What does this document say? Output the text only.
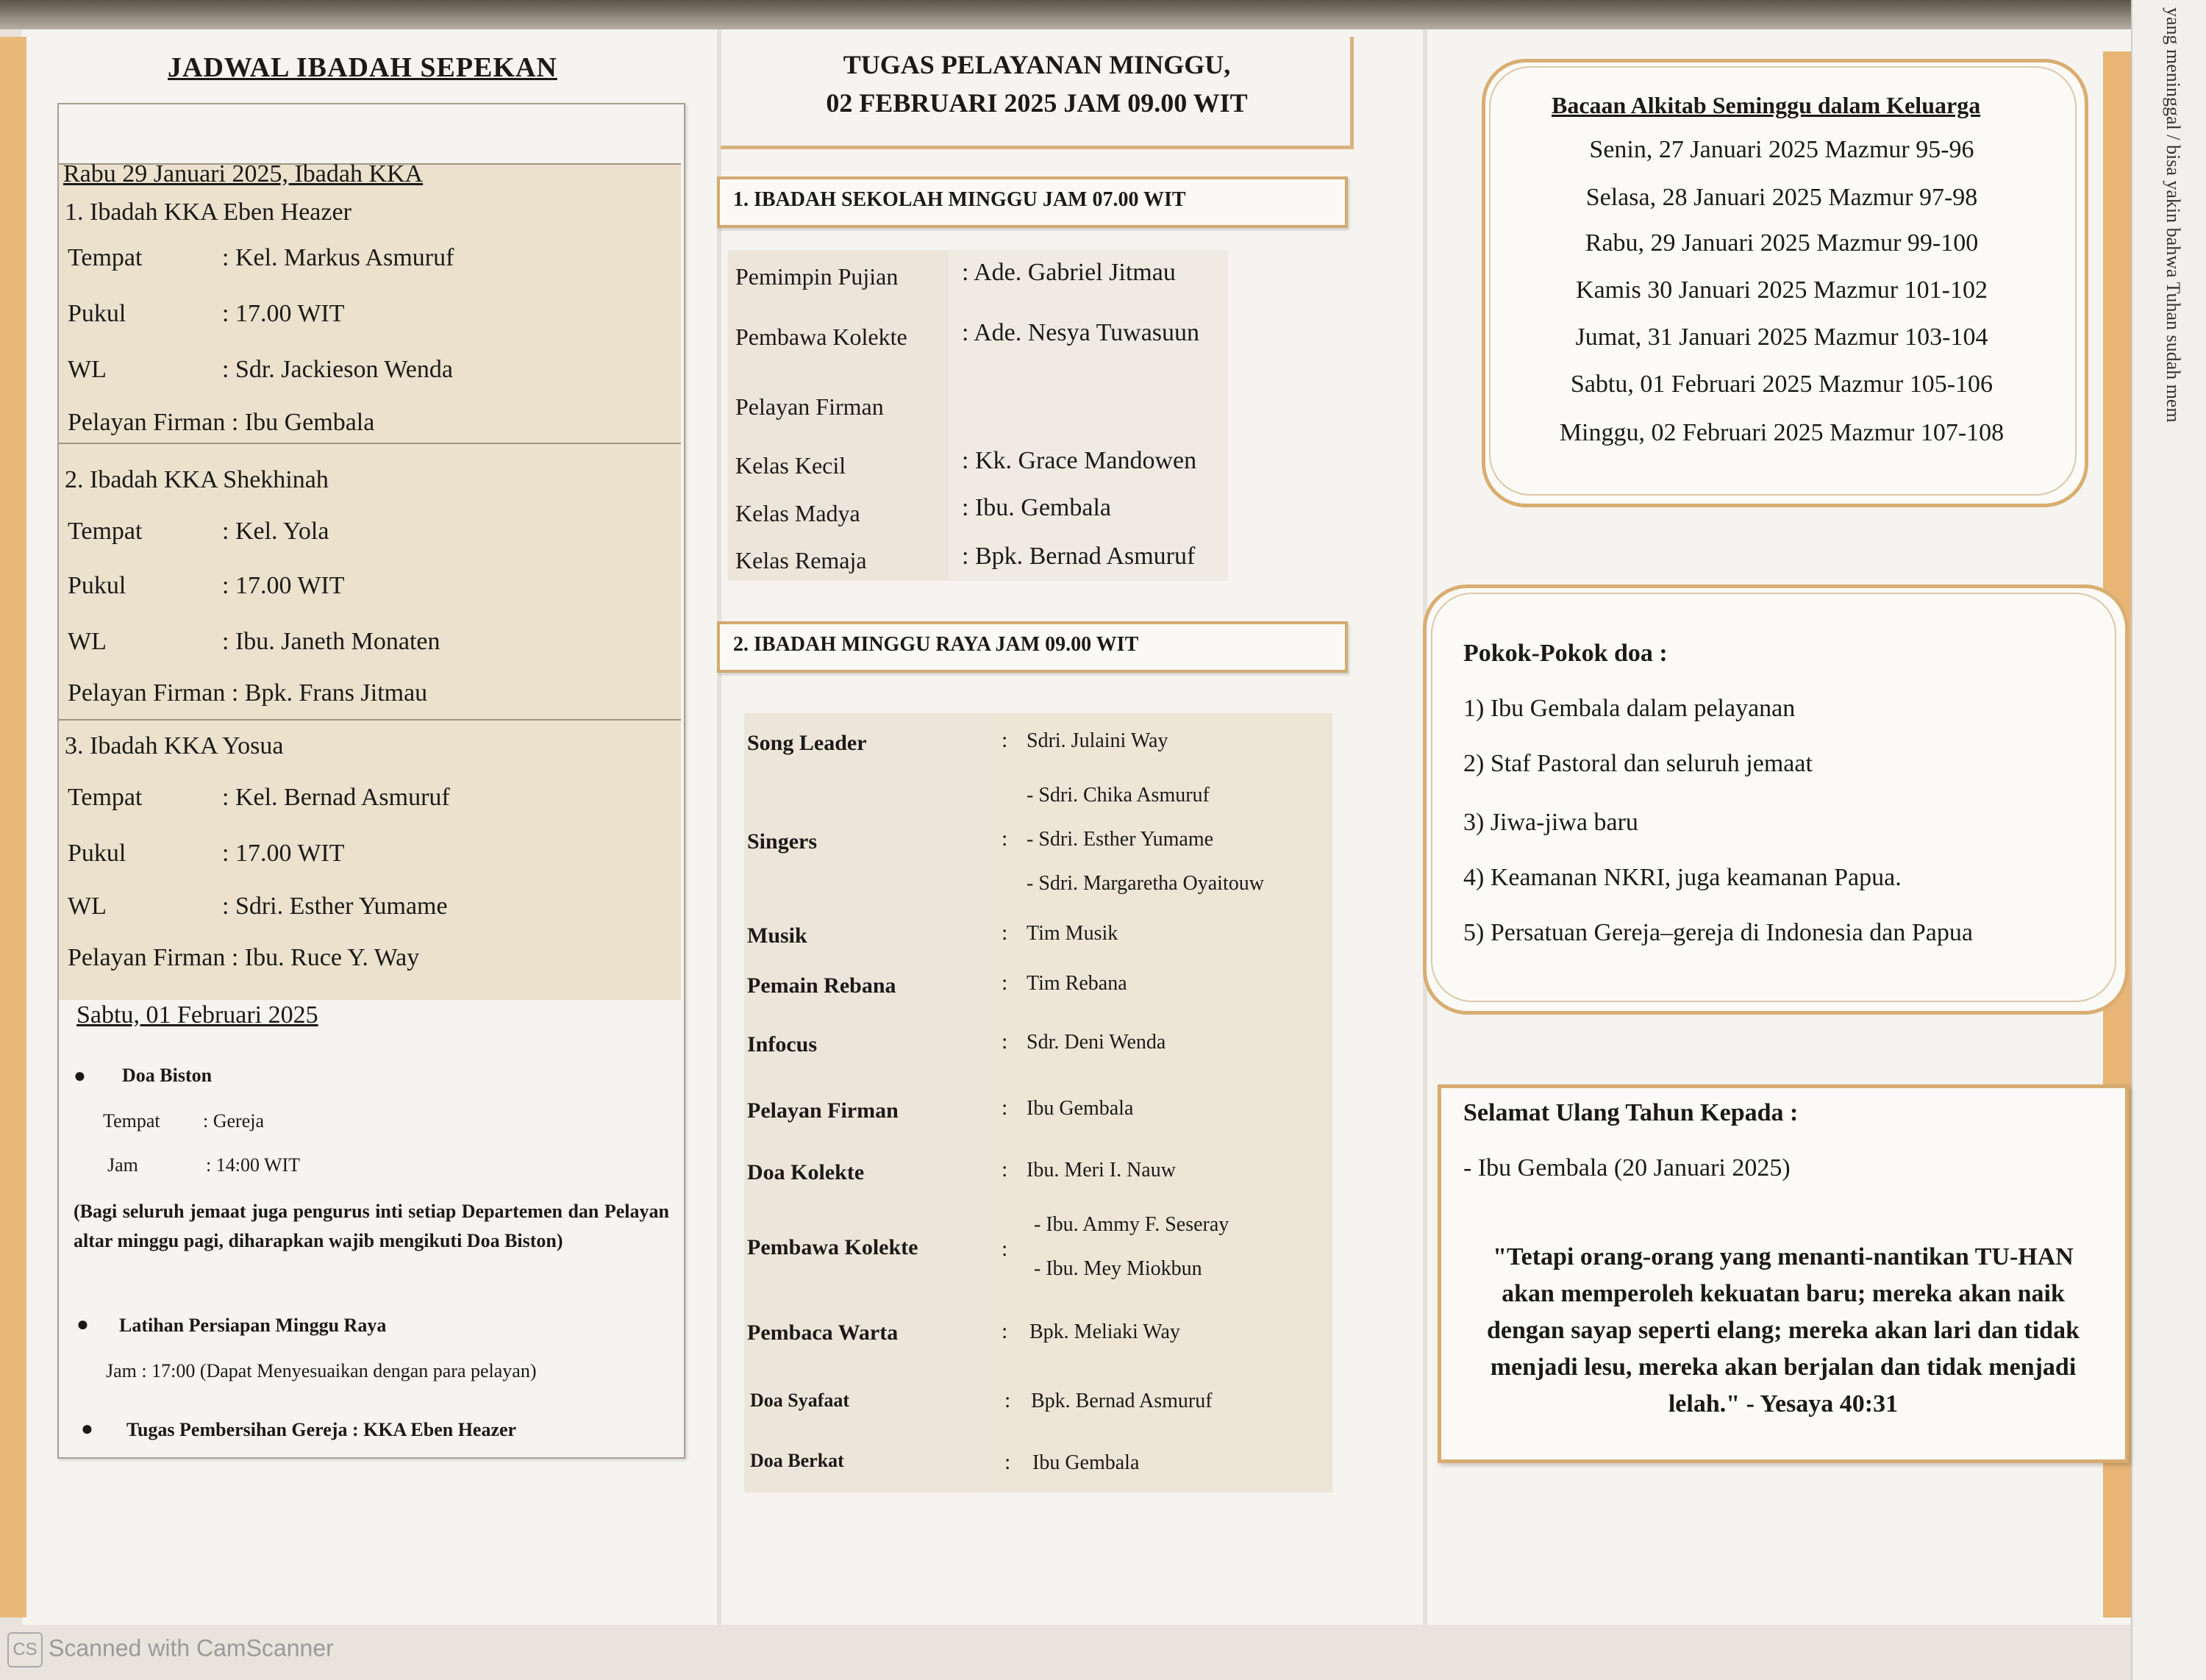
yang meninggal / bisa yakin bahwa Tuhan sudah mem
JADWAL IBADAH SEPEKAN
Rabu 29 Januari 2025, Ibadah KKA
1. Ibadah KKA Eben Heazer
Tempat	: Kel. Markus Asmuruf
Pukul	: 17.00 WIT
WL	: Sdr. Jackieson Wenda
Pelayan Firman : Ibu Gembala
2. Ibadah KKA Shekhinah
Tempat	: Kel. Yola
Pukul	: 17.00 WIT
WL	: Ibu. Janeth Monaten
Pelayan Firman : Bpk. Frans Jitmau
3. Ibadah KKA Yosua
Tempat	: Kel. Bernad Asmuruf
Pukul	: 17.00 WIT
WL	: Sdri. Esther Yumame
Pelayan Firman : Ibu. Ruce Y. Way
Sabtu, 01 Februari 2025
● Doa Biston
Tempat : Gereja
Jam	: 14:00 WIT
(Bagi seluruh jemaat juga pengurus inti setiap Departemen dan Pelayan altar minggu pagi, diharapkan wajib mengikuti Doa Biston)
● Latihan Persiapan Minggu Raya
Jam : 17:00 (Dapat Menyesuaikan dengan para pelayan)
● Tugas Pembersihan Gereja : KKA Eben Heazer
TUGAS PELAYANAN MINGGU,
02 FEBRUARI 2025 JAM 09.00 WIT
1. IBADAH SEKOLAH MINGGU JAM 07.00 WIT
Pemimpin Pujian	: Ade. Gabriel Jitmau
Pembawa Kolekte : Ade. Nesya Tuwasuun
Pelayan Firman
Kelas Kecil	: Kk. Grace Mandowen
Kelas Madya	: Ibu. Gembala
Kelas Remaja	: Bpk. Bernad Asmuruf
2. IBADAH MINGGU RAYA JAM 09.00 WIT
Song Leader	: Sdri. Julaini Way
Singers	:
- Sdri. Chika Asmuruf
- Sdri. Esther Yumame
- Sdri. Margaretha Oyaitouw
Musik	: Tim Musik
Pemain Rebana	: Tim Rebana
Infocus	: Sdr. Deni Wenda
Pelayan Firman	: Ibu Gembala
Doa Kolekte	: Ibu. Meri I. Nauw
Pembawa Kolekte	:
- Ibu. Ammy F. Seseray
- Ibu. Mey Miokbun
Pembaca Warta	: Bpk. Meliaki Way
Doa Syafaat	: Bpk. Bernad Asmuruf
Doa Berkat	: Ibu Gembala
Bacaan Alkitab Seminggu dalam Keluarga
Senin, 27 Januari 2025 Mazmur 95-96
Selasa, 28 Januari 2025 Mazmur 97-98
Rabu, 29 Januari 2025 Mazmur 99-100
Kamis 30 Januari 2025 Mazmur 101-102
Jumat, 31 Januari 2025 Mazmur 103-104
Sabtu, 01 Februari 2025 Mazmur 105-106
Minggu, 02 Februari 2025 Mazmur 107-108
Pokok-Pokok doa :
1) Ibu Gembala dalam pelayanan
2) Staf Pastoral dan seluruh jemaat
3) Jiwa-jiwa baru
4) Keamanan NKRI, juga keamanan Papua.
5) Persatuan Gereja–gereja di Indonesia dan Papua
Selamat Ulang Tahun Kepada :
- Ibu Gembala (20 Januari 2025)
"Tetapi orang-orang yang menanti-nantikan TU-HAN akan memperoleh kekuatan baru; mereka akan naik dengan sayap seperti elang; mereka akan lari dan tidak menjadi lesu, mereka akan berjalan dan tidak menjadi lelah." - Yesaya 40:31
CS Scanned with CamScanner
